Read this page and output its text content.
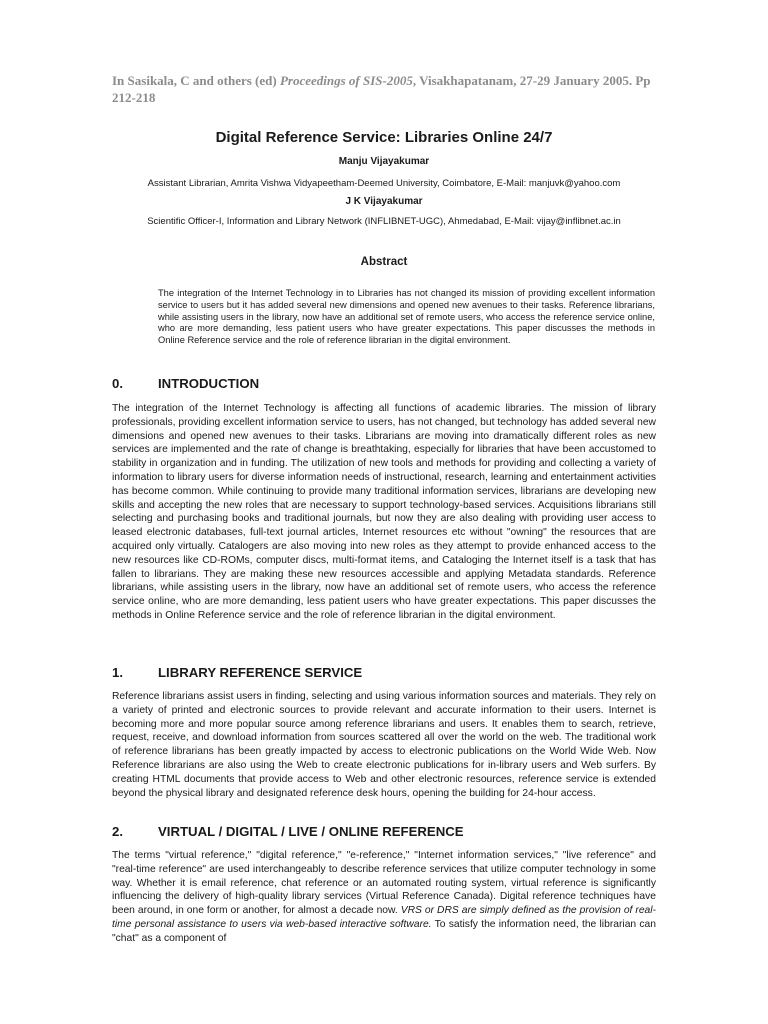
In Sasikala, C and others (ed) Proceedings of SIS-2005, Visakhapatanam, 27-29 January 2005. Pp 212-218
Digital Reference Service: Libraries Online 24/7
Manju Vijayakumar
Assistant Librarian, Amrita Vishwa Vidyapeetham-Deemed University, Coimbatore, E-Mail: manjuvk@yahoo.com
J K Vijayakumar
Scientific Officer-I, Information and Library Network (INFLIBNET-UGC), Ahmedabad, E-Mail: vijay@inflibnet.ac.in
Abstract
The integration of the Internet Technology in to Libraries has not changed its mission of providing excellent information service to users but it has added several new dimensions and opened new avenues to their tasks. Reference librarians, while assisting users in the library, now have an additional set of remote users, who access the reference service online, who are more demanding, less patient users who have greater expectations. This paper discusses the methods in Online Reference service and the role of reference librarian in the digital environment.
0.	INTRODUCTION
The integration of the Internet Technology is affecting all functions of academic libraries. The mission of library professionals, providing excellent information service to users, has not changed, but technology has added several new dimensions and opened new avenues to their tasks. Librarians are moving into dramatically different roles as new services are implemented and the rate of change is breathtaking, especially for libraries that have been accustomed to stability in organization and in funding. The utilization of new tools and methods for providing and collecting a variety of information to library users for diverse information needs of instructional, research, learning and entertainment activities has become common. While continuing to provide many traditional information services, librarians are developing new skills and accepting the new roles that are necessary to support technology-based services. Acquisitions librarians still selecting and purchasing books and traditional journals, but now they are also dealing with providing user access to leased electronic databases, full-text journal articles, Internet resources etc without "owning" the resources that are acquired only virtually. Catalogers are also moving into new roles as they attempt to provide enhanced access to the new resources like CD-ROMs, computer discs, multi-format items, and Cataloging the Internet itself is a task that has fallen to librarians. They are making these new resources accessible and applying Metadata standards. Reference librarians, while assisting users in the library, now have an additional set of remote users, who access the reference service online, who are more demanding, less patient users who have greater expectations. This paper discusses the methods in Online Reference service and the role of reference librarian in the digital environment.
1.	LIBRARY REFERENCE SERVICE
Reference librarians assist users in finding, selecting and using various information sources and materials. They rely on a variety of printed and electronic sources to provide relevant and accurate information to their users. Internet is becoming more and more popular source among reference librarians and users. It enables them to search, retrieve, request, receive, and download information from sources scattered all over the world on the web. The traditional work of reference librarians has been greatly impacted by access to electronic publications on the World Wide Web. Now Reference librarians are also using the Web to create electronic publications for in-library users and Web surfers. By creating HTML documents that provide access to Web and other electronic resources, reference service is extended beyond the physical library and designated reference desk hours, opening the building for 24-hour access.
2.	VIRTUAL / DIGITAL / LIVE / ONLINE REFERENCE
The terms "virtual reference," "digital reference," "e-reference," "Internet information services," "live reference" and "real-time reference" are used interchangeably to describe reference services that utilize computer technology in some way. Whether it is email reference, chat reference or an automated routing system, virtual reference is significantly influencing the delivery of high-quality library services (Virtual Reference Canada). Digital reference techniques have been around, in one form or another, for almost a decade now. VRS or DRS are simply defined as the provision of real-time personal assistance to users via web-based interactive software. To satisfy the information need, the librarian can "chat" as a component of
